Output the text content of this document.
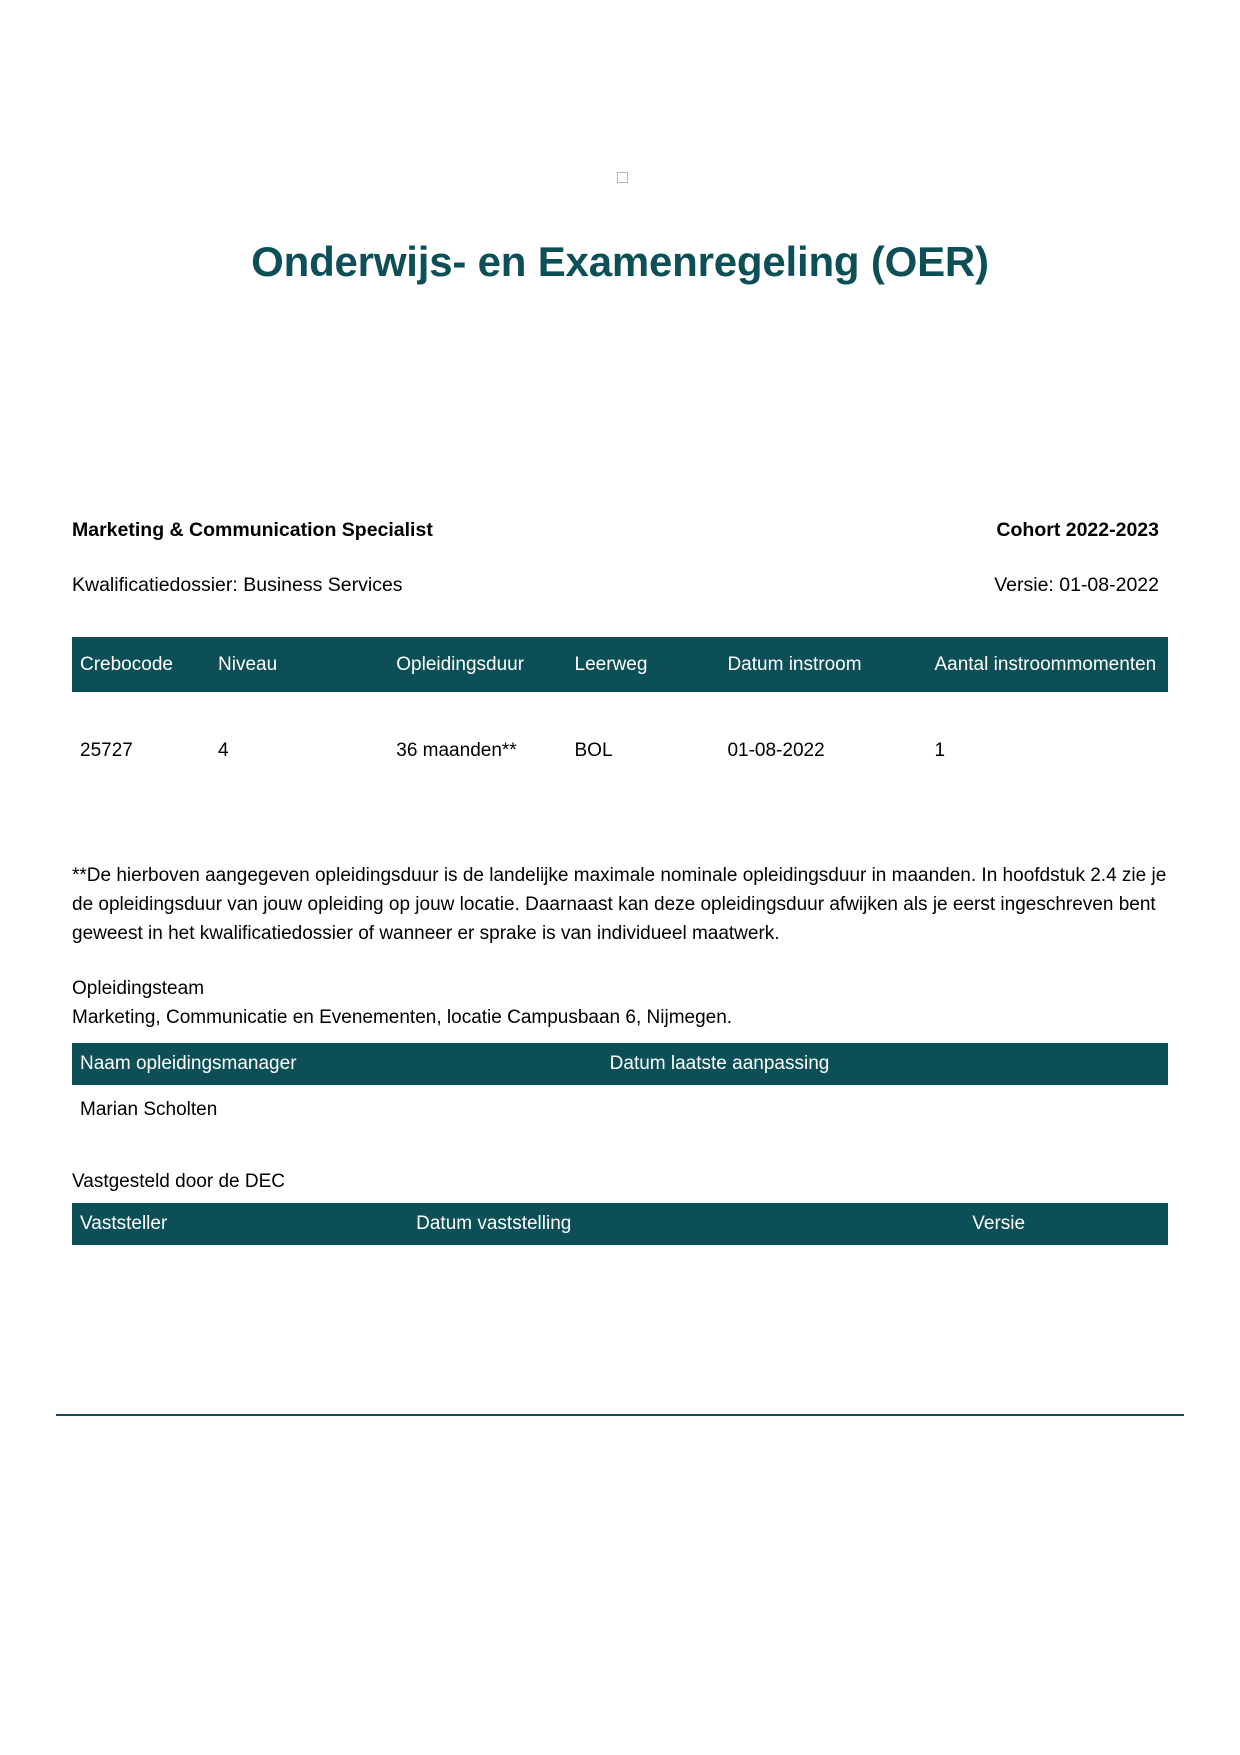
Onderwijs- en Examenregeling (OER)
Marketing & Communication Specialist	Cohort 2022-2023
Kwalificatiedossier: Business Services	Versie: 01-08-2022
Crebocode	Niveau	Opleidingsduur	Leerweg	Datum instroom	Aantal instroommomenten
25727	4	36 maanden**	BOL	01-08-2022	1

**De hierboven aangegeven opleidingsduur is de landelijke maximale nominale opleidingsduur in maanden. In hoofdstuk 2.4 zie je de opleidingsduur van jouw opleiding op jouw locatie. Daarnaast kan deze opleidingsduur afwijken als je eerst ingeschreven bent geweest in het kwalificatiedossier of wanneer er sprake is van individueel maatwerk.

Opleidingsteam
Marketing, Communicatie en Evenementen, locatie Campusbaan 6, Nijmegen.
Naam opleidingsmanager	Datum laatste aanpassing
Marian Scholten	
Vastgesteld door de DEC
Vaststeller	Datum vaststelling	Versie
